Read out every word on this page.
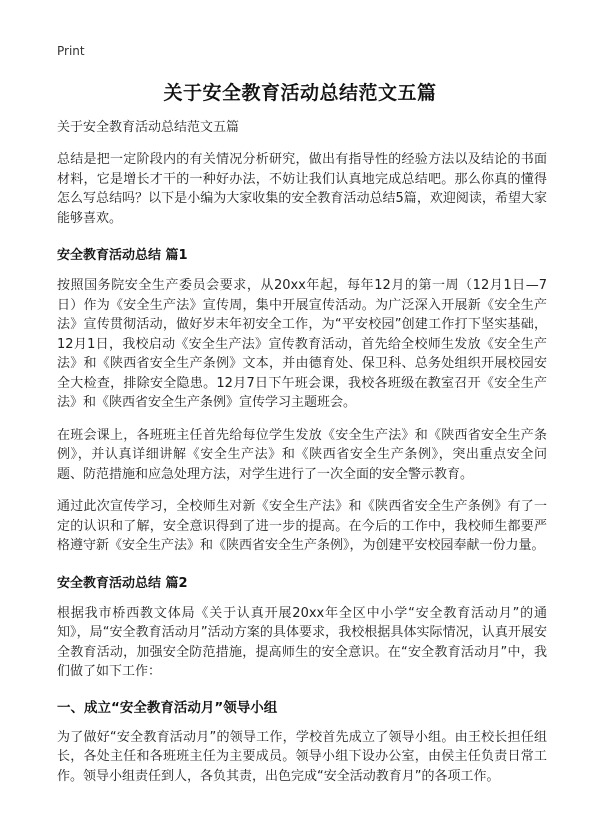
Print
关于安全教育活动总结范文五篇
关于安全教育活动总结范文五篇

总结是把一定阶段内的有关情况分析研究，做出有指导性的经验方法以及结论的书面材料，它是增长才干的一种好办法，不妨让我们认真地完成总结吧。那么你真的懂得怎么写总结吗？以下是小编为大家收集的安全教育活动总结5篇，欢迎阅读，希望大家能够喜欢。

安全教育活动总结 篇1

按照国务院安全生产委员会要求，从20xx年起，每年12月的第一周（12月1日—7日）作为《安全生产法》宣传周，集中开展宣传活动。为广泛深入开展新《安全生产法》宣传贯彻活动，做好岁末年初安全工作，为“平安校园”创建工作打下坚实基础，12月1日，我校启动《安全生产法》宣传教育活动，首先给全校师生发放《安全生产法》和《陕西省安全生产条例》文本，并由德育处、保卫科、总务处组织开展校园安全大检查，排除安全隐患。12月7日下午班会课，我校各班级在教室召开《安全生产法》和《陕西省安全生产条例》宣传学习主题班会。

在班会课上，各班班主任首先给每位学生发放《安全生产法》和《陕西省安全生产条例》，并认真详细讲解《安全生产法》和《陕西省安全生产条例》，突出重点安全问题、防范措施和应急处理方法，对学生进行了一次全面的安全警示教育。

通过此次宣传学习，全校师生对新《安全生产法》和《陕西省安全生产条例》有了一定的认识和了解，安全意识得到了进一步的提高。在今后的工作中，我校师生都要严格遵守新《安全生产法》和《陕西省安全生产条例》，为创建平安校园奉献一份力量。

安全教育活动总结 篇2

根据我市桥西教文体局《关于认真开展20xx年全区中小学“安全教育活动月”的通知》，局“安全教育活动月”活动方案的具体要求，我校根据具体实际情况，认真开展安全教育活动，加强安全防范措施，提高师生的安全意识。在“安全教育活动月”中，我们做了如下工作：

一、成立“安全教育活动月”领导小组

为了做好“安全教育活动月”的领导工作，学校首先成立了领导小组。由王校长担任组长，各处主任和各班班主任为主要成员。领导小组下设办公室，由侯主任负责日常工作。领导小组责任到人，各负其责，出色完成“安全活动教育月”的各项工作。
